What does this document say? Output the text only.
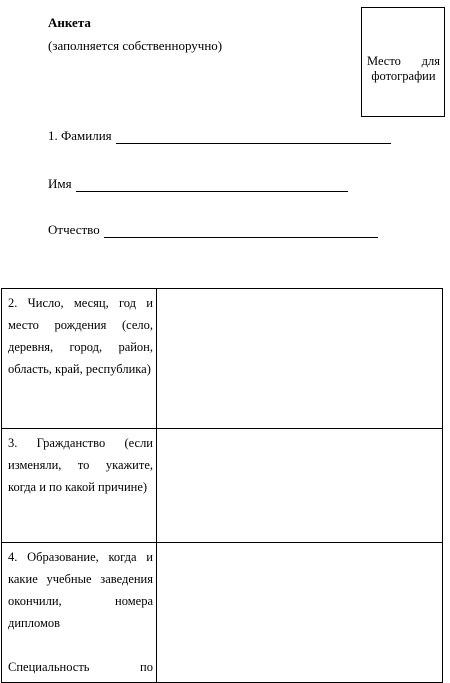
Анкета
(заполняется собственноручно)
Место для фотографии
1. Фамилия
Имя
Отчество
2. Число, месяц, год и место рождения (село, деревня, город, район, область, край, республика)	

3. Гражданство (если изменяли, то укажите, когда и по какой причине)	

4. Образование, когда и какие учебные заведения окончили, номера дипломов
Специальность по	
